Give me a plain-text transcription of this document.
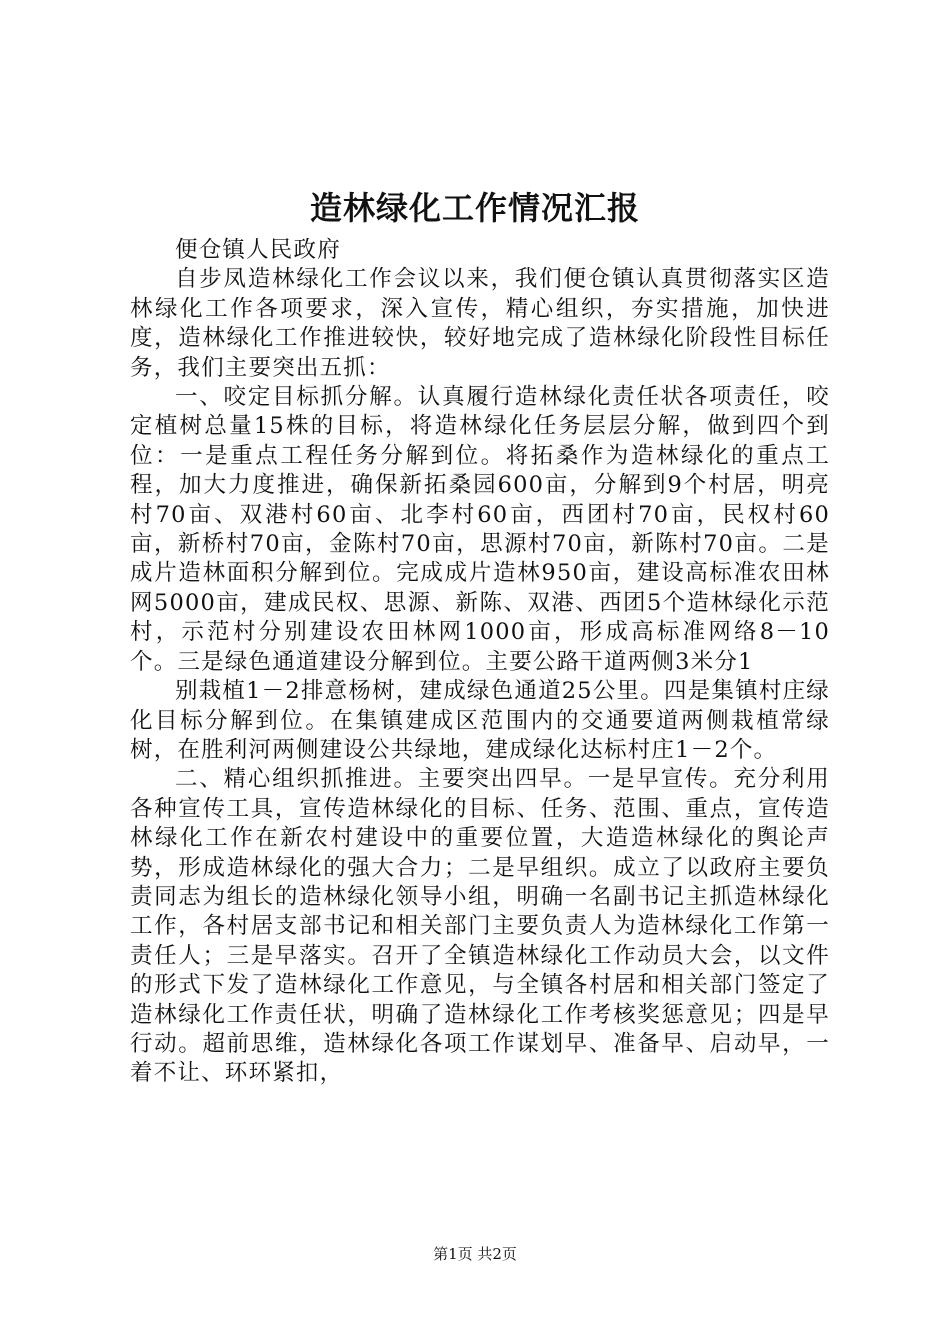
造林绿化工作情况汇报

便仓镇人民政府

自步凤造林绿化工作会议以来，我们便仓镇认真贯彻落实区造林绿化工作各项要求，深入宣传，精心组织，夯实措施，加快进度，造林绿化工作推进较快，较好地完成了造林绿化阶段性目标任务，我们主要突出五抓：

一、咬定目标抓分解。认真履行造林绿化责任状各项责任，咬定植树总量15株的目标，将造林绿化任务层层分解，做到四个到位：一是重点工程任务分解到位。将拓桑作为造林绿化的重点工程，加大力度推进，确保新拓桑园600亩，分解到9个村居，明亮村70亩、双港村60亩、北李村60亩，西团村70亩，民权村60亩，新桥村70亩，金陈村70亩，思源村70亩，新陈村70亩。二是成片造林面积分解到位。完成成片造林950亩，建设高标准农田林网5000亩，建成民权、思源、新陈、双港、西团5个造林绿化示范村，示范村分别建设农田林网1000亩，形成高标准网络8－10个。三是绿色通道建设分解到位。主要公路干道两侧3米分1

别栽植1－2排意杨树，建成绿色通道25公里。四是集镇村庄绿化目标分解到位。在集镇建成区范围内的交通要道两侧栽植常绿树，在胜利河两侧建设公共绿地，建成绿化达标村庄1－2个。

二、精心组织抓推进。主要突出四早。一是早宣传。充分利用各种宣传工具，宣传造林绿化的目标、任务、范围、重点，宣传造林绿化工作在新农村建设中的重要位置，大造造林绿化的舆论声势，形成造林绿化的强大合力；二是早组织。成立了以政府主要负责同志为组长的造林绿化领导小组，明确一名副书记主抓造林绿化工作，各村居支部书记和相关部门主要负责人为造林绿化工作第一责任人；三是早落实。召开了全镇造林绿化工作动员大会，以文件的形式下发了造林绿化工作意见，与全镇各村居和相关部门签定了造林绿化工作责任状，明确了造林绿化工作考核奖惩意见；四是早行动。超前思维，造林绿化各项工作谋划早、准备早、启动早，一着不让、环环紧扣，

第1页 共2页
